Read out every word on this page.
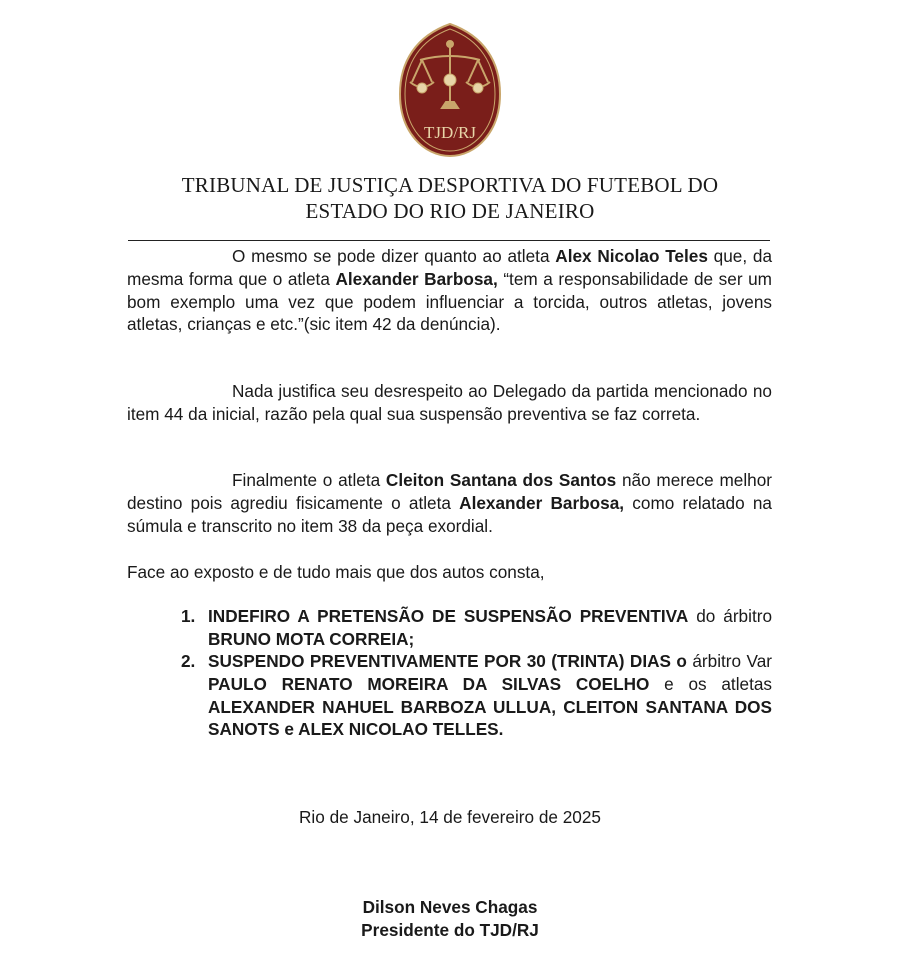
TJD/RJ
TRIBUNAL DE JUSTIÇA DESPORTIVA DO FUTEBOL DO
ESTADO DO RIO DE JANEIRO

O mesmo se pode dizer quanto ao atleta Alex Nicolao Teles que, da mesma forma que o atleta Alexander Barbosa, “tem a responsabilidade de ser um bom exemplo uma vez que podem influenciar a torcida, outros atletas, jovens atletas, crianças e etc.”(sic item 42 da denúncia).

Nada justifica seu desrespeito ao Delegado da partida mencionado no item 44 da inicial, razão pela qual sua suspensão preventiva se faz correta.

Finalmente o atleta Cleiton Santana dos Santos não merece melhor destino pois agrediu fisicamente o atleta Alexander Barbosa, como relatado na súmula e transcrito no item 38 da peça exordial.

Face ao exposto e de tudo mais que dos autos consta,

1. INDEFIRO A PRETENSÃO DE SUSPENSÃO PREVENTIVA do árbitro BRUNO MOTA CORREIA;

2. SUSPENDO PREVENTIVAMENTE POR 30 (TRINTA) DIAS o árbitro Var PAULO RENATO MOREIRA DA SILVAS COELHO e os atletas ALEXANDER NAHUEL BARBOZA ULLUA, CLEITON SANTANA DOS SANOTS e ALEX NICOLAO TELLES.

Rio de Janeiro, 14 de fevereiro de 2025
Dilson Neves Chagas
Presidente do TJD/RJ
